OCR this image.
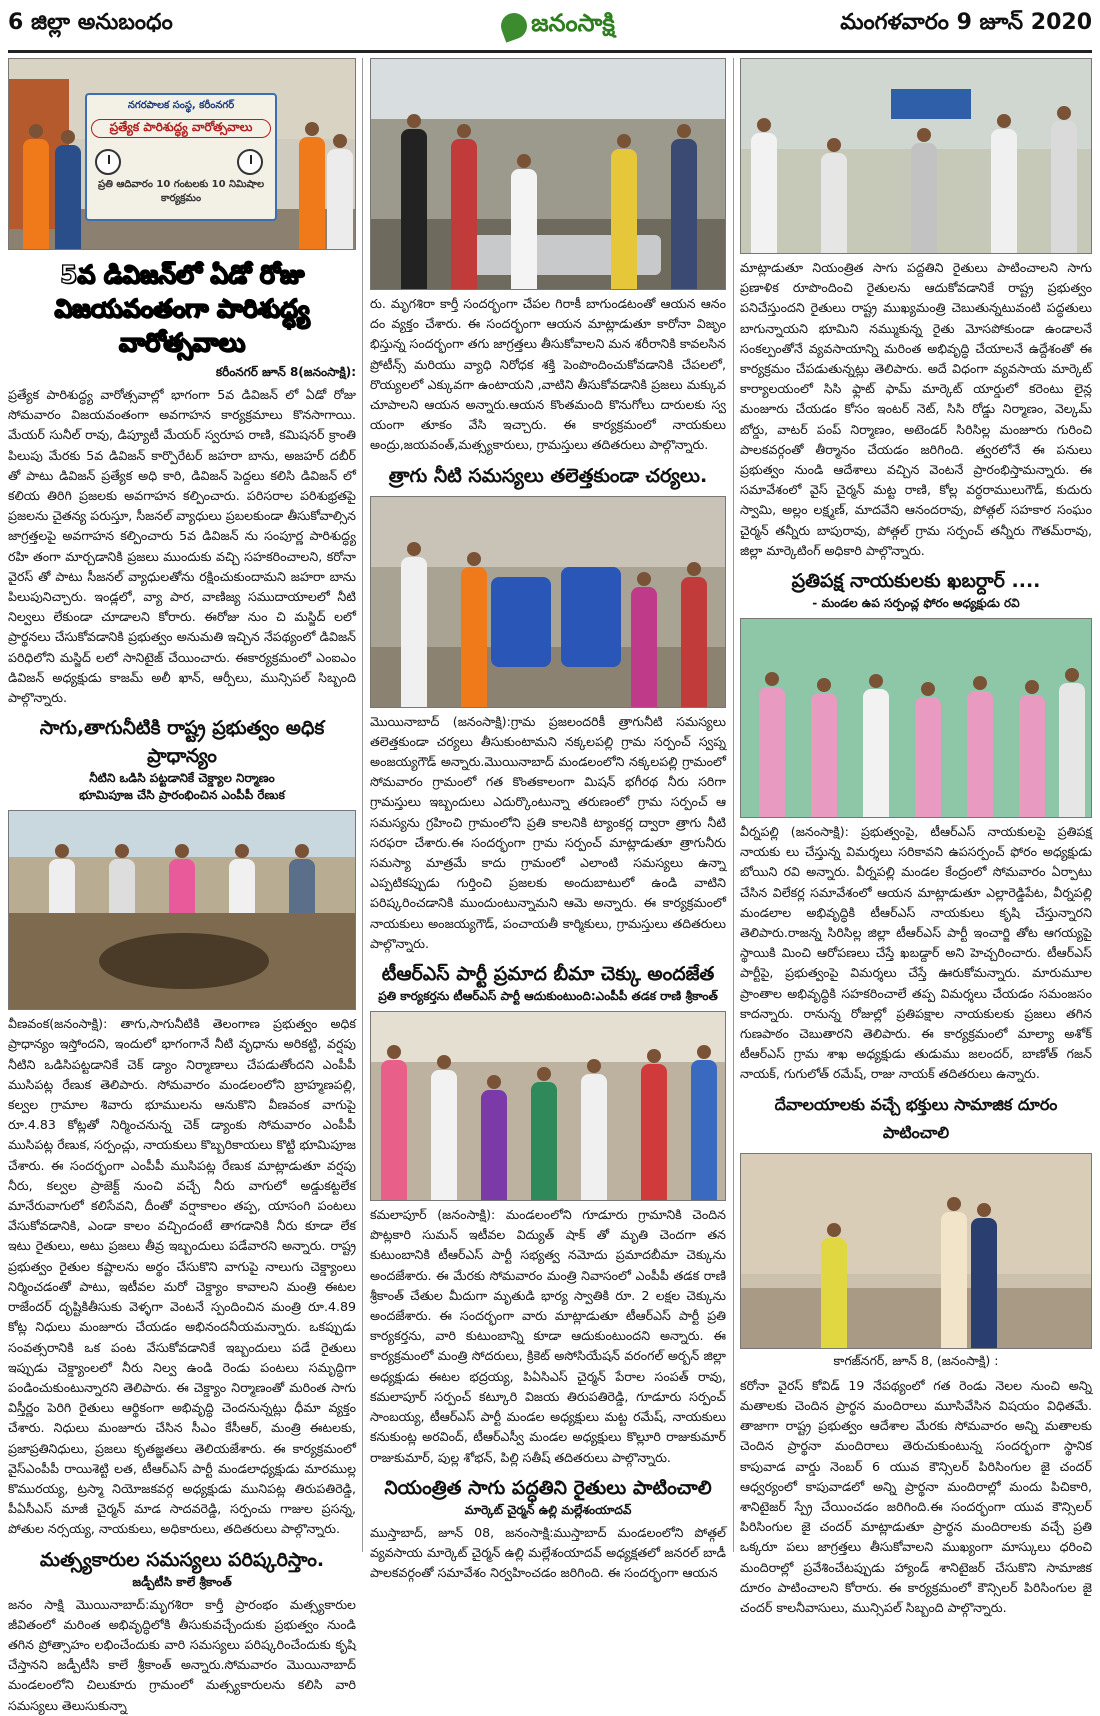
6 జిల్లా అనుబంధం	జనంసాక్షి	మంగళవారం 9 జూన్ 2020
నగరపాలక సంస్థ, కరీంనగర్
ప్రత్యేక పారిశుద్ధ్య వారోత్సవాలు
ప్రతి ఆదివారం 10 గంటలకు 10 నిమిషాల కార్యక్రమం
5వ డివిజన్‌లో ఏడో రోజు
విజయవంతంగా పారిశుద్ధ్య వారోత్సవాలు
కరీంనగర్ జూన్ 8(జనంసాక్షి):
ప్రత్యేక పారిశుద్ధ్య వారోత్సవాల్లో భాగంగా 5వ డివిజన్ లో ఏడో రోజు సోమవారం విజయవంతంగా అవగాహన కార్యక్రమాలు కొనసాగాయి. మేయర్ సునీల్ రావు, డిప్యూటీ మేయర్ స్వరూప రాణి, కమిషనర్ క్రాంతి పిలుపు మేరకు 5వ డివిజన్ కార్పొరేటర్ జహరా బాను, అజహర్ దబీర్ తో పాటు డివిజన్ ప్రత్యేక అధి కారి, డివిజన్ పెద్దలు కలిసి డివిజన్ లో కలియ తిరిగి ప్రజలకు అవగాహన కల్పించారు. పరిసరాల పరిశుభ్రతపై ప్రజలను చైతన్య పరుస్తూ, సీజనల్ వ్యాధులు ప్రబలకుండా తీసుకోవాల్సిన జాగ్రత్తలపై అవగాహన కల్పించారు 5వ డివిజన్ ను సంపూర్ణ పారిశుద్ధ్య రహి తంగా మార్చడానికి ప్రజలు ముందుకు వచ్చి సహకరించాలని, కరోనా వైరస్ తో పాటు సీజనల్ వ్యాధులతోను రక్షించుకుందామని జహరా బాను పిలుపునిచ్చారు. ఇండ్లలో, వ్యా పార, వాణిజ్య సముదాయాలలో నీటి నిల్వలు లేకుండా చూడాలని కోరారు. ఈరోజు నుం చి మస్జిద్ లలో ప్రార్థనలు చేసుకోవడానికి ప్రభుత్వం అనుమతి ఇచ్చిన నేపథ్యంలో డివిజన్ పరిధిలోని మస్జిద్ లలో సానిటైజ్ చేయించారు. ఈకార్యక్రమంలో ఎంఐఎం డివిజన్ అధ్యక్షుడు కాజమ్ అలీ ఖాన్, ఆర్పీలు, మున్సిపల్ సిబ్బంది పాల్గొన్నారు.
సాగు,తాగునీటికి రాష్ట్ర ప్రభుత్వం అధిక ప్రాధాన్యం
నీటిని ఒడిసి పట్టడానికే చెక్డ్యాల నిర్మాణం
భూమిపూజ చేసి ప్రారంభించిన ఎంపీపీ రేణుక
వీణవంక(జనంసాక్షి): తాగు,సాగునీటికి తెలంగాణ ప్రభుత్వం అధిక ప్రాధాన్యం ఇస్తోందని, ఇందులో భాగంగానే నీటి వృధాను అరికట్టి, వర్షపు నీటిని ఒడిసిపట్టడానికే చెక్ డ్యాం నిర్మాణాలు చేపడుతోందని ఎంపీపీ ముసిపట్ల రేణుక తెలిపారు. సోమవారం మండలంలోని బ్రాహ్మణపల్లి, కల్వల గ్రామాల శివారు భూములను ఆనుకొని వీణవంక వాగుపై రూ.4.83 కోట్లతో నిర్మించనున్న చెక్ డ్యాంకు సోమవారం ఎంపీపీ ముసిపట్ల రేణుక, సర్పంచ్లు, నాయకులు కొబ్బరికాయలు కొట్టి భూమిపూజ చేశారు. ఈ సందర్భంగా ఎంపీపీ ముసిపట్ల రేణుక మాట్లాడుతూ వర్షపు నీరు, కల్వల ప్రాజెక్ట్ నుంచి వచ్చే నీరు వాగులో అడ్డుకట్టలేక మానేరువాగులో కలిసేవని, దీంతో వర్షాకాలం తప్ప, యాసంగి పంటలు వేసుకోవడానికి, ఎండా కాలం వచ్చిందంటే తాగడానికి నీరు కూడా లేక ఇటు రైతులు, అటు ప్రజలు తీవ్ర ఇబ్బందులు పడేవారని అన్నారు. రాష్ట్ర ప్రభుత్వం రైతుల కష్టాలను అర్థం చేసుకొని వాగుపై నాలుగు చెక్డ్యాంలు నిర్మించడంతో పాటు, ఇటీవల మరో చెక్డ్యాం కావాలని మంత్రి ఈటల రాజేందర్ దృష్టికితీసుకు వెళ్ళగా వెంటనే స్పందించిన మంత్రి రూ.4.89 కోట్ల నిధులు మంజూరు చేయడం అభినందనీయమన్నారు. ఒకప్పుడు సంవత్సరానికి ఒక పంట వేసుకోవడానికే ఇబ్బందులు పడే రైతులు ఇప్పుడు చెక్డ్యాంలలో నీరు నిల్వ ఉండి రెండు పంటలు సమృద్ధిగా పండించుకుంటున్నారని తెలిపారు. ఈ చెక్డ్యాం నిర్మాణంతో మరింత సాగు విస్తీర్ణం పెరిగి రైతులు ఆర్థికంగా అభివృద్ధి చెందనున్నట్లు ధీమా వ్యక్తం చేశారు. నిధులు మంజూరు చేసిన సీఎం కేసీఆర్, మంత్రి ఈటలకు, ప్రజాప్రతినిధులు, ప్రజలు కృతజ్ఞతలు తెలియజేశారు. ఈ కార్యక్రమంలో వైస్ఎంపీపీ రాయిశెట్టి లత, టీఆర్ఎస్ పార్టీ మండలాధ్యక్షుడు మారముల్ల కొమురయ్య, ట్రస్మా నియోజకవర్గ అధ్యక్షుడు మునిపట్ల తిరుపతిరెడ్డి, పీఏసీఎస్ మాజీ చైర్మన్ మాడ సాదవరెడ్డి, సర్పంచు గాజుల ప్రసన్న, పోతుల నర్సయ్య, నాయకులు, అధికారులు, తదితరులు పాల్గొన్నారు.
మత్స్యకారుల సమస్యలు పరిష్కరిస్తాం.
జడ్పీటీసి కాలే శ్రీకాంత్
జనం సాక్షి మొయినాబాద్:మృగశిరా కార్తీ ప్రారంభం మత్స్యకారుల జీవితంలో మరింత అభివృద్ధిలోకి తీసుకువచ్చేందుకు ప్రభుత్వం నుండి తగిన ప్రోత్సాహం లభించేందుకు వారి సమస్యలు పరిష్కరించేందుకు కృషి చేస్తానని జడ్పీటీసి కాలే శ్రీకాంత్ అన్నారు.సోమవారం మొయినాబాద్ మండలంలోని చిలుకూరు గ్రామంలో మత్స్యకారులను కలిసి వారి సమస్యలు తెలుసుకున్నా
రు. మృగశిరా కార్తీ సందర్భంగా చేపల గిరాకీ బాగుండటంతో ఆయన ఆనం దం వ్యక్తం చేశారు. ఈ సందర్భంగా ఆయన మాట్లాడుతూ కారోనా విజృం భిస్తున్న సందర్భంగా తగు జాగ్రత్తలు తీసుకోవాలని మన శరీరానికి కావలసిన ప్రోటీన్స్ మరియు వ్యాధి నిరోధక శక్తి పెంపొందించుకోవడానికి చేపలలో, రొయ్యలలో ఎక్కువగా ఉంటాయని ,వాటిని తీసుకోవడానికి ప్రజలు మక్కువ చూపాలని ఆయన అన్నారు.ఆయన కొంతమంది కొనుగోలు దారులకు స్వ యంగా తూకం వేసి ఇచ్చారు. ఈ కార్యక్రమంలో నాయకులు అంద్రు,జయవంత్,మత్స్యకారులు, గ్రామస్తులు తదితరులు పాల్గొన్నారు.
త్రాగు నీటి సమస్యలు తలెత్తకుండా చర్యలు.
మొయినాబాద్ (జనంసాక్షి):గ్రామ ప్రజలందరికీ త్రాగునీటి సమస్యలు తలెత్తకుండా చర్యలు తీసుకుంటామని నక్కలపల్లి గ్రామ సర్పంచ్ స్వప్న అంజయ్యగౌడ్ అన్నారు.మొయినాబాద్ మండలంలోని నక్కలపల్లి గ్రామంలో సోమవారం గ్రామంలో గత కొంతకాలంగా మిషన్ భగీరథ నీరు సరిగా గ్రామస్తులు ఇబ్బందులు ఎదుర్కొంటున్నా తరుణంలో గ్రామ సర్పంచ్ ఆ సమస్యను గ్రహించి గ్రామంలోని ప్రతి కాలనికి ట్యాంకర్ల ద్వారా త్రాగు నీటి సరఫరా చేశారు.ఈ సందర్భంగా గ్రామ సర్పంచ్ మాట్లాడుతూ త్రాగునీరు సమస్యా మాత్రమే కాదు గ్రామంలో ఎలాంటి సమస్యలు ఉన్నా ఎప్పటికప్పుడు గుర్తించి ప్రజలకు అందుబాటులో ఉండి వాటిని పరిష్కరించడానికి ముందుంటున్నామని ఆమె అన్నారు. ఈ కార్యక్రమంలో నాయకులు అంజయ్యగౌడ్, పంచాయతీ కార్మికులు, గ్రామస్తులు తదితరులు పాల్గొన్నారు.
టీఆర్ఎస్ పార్టీ ప్రమాద బీమా చెక్కు అందజేత
ప్రతి కార్యకర్తను టీఆర్ఎస్ పార్టీ ఆదుకుంటుంది:ఎంపీపీ తడక రాణి శ్రీకాంత్
కమలాపూర్ (జనంసాక్షి): మండలంలోని గూడూరు గ్రామానికి చెందిన పొట్లకారి సుమన్ ఇటీవల విద్యుత్ షాక్ తో మృతి చెందగా తన కుటుంబానికి టీఆర్ఎస్ పార్టీ సభ్యత్వ నమోదు ప్రమాదబీమా చెక్కును అందజేశారు. ఈ మేరకు సోమవారం మంత్రి నివాసంలో ఎంపీపీ తడక రాణి శ్రీకాంత్ చేతుల మీదుగా మృతుడి భార్య స్వాతికి రూ. 2 లక్షల చెక్కును అందజేశారు. ఈ సందర్భంగా వారు మాట్లాడుతూ టీఆర్ఎస్ పార్టీ ప్రతి కార్యకర్తను, వారి కుటుంబాన్ని కూడా ఆదుకుంటుందని అన్నారు. ఈ కార్యక్రమంలో మంత్రి సోదరులు, క్రికెట్ అసోసియేషన్ వరంగల్ అర్బన్ జిల్లా అధ్యక్షుడు ఈటల భద్రయ్య, పిఏసిఎస్ చైర్మన్ పేరాల సంపత్ రావు, కమలాపూర్ సర్పంచ్ కట్కూరి విజయ తిరుపతిరెడ్డి, గూడూరు సర్పంచ్ సాంబయ్య, టీఆర్ఎస్ పార్టీ మండల అధ్యక్షులు మట్ట రమేష్, నాయకులు కనుకుంట్ల అరవింద్, టీఆర్ఎస్వీ మండల అధ్యక్షులు కొల్లూరి రాజుకుమార్ రాజుకుమార్, పుల్ల శోభన్, పిల్లి సతీష్ తదితరులు పాల్గొన్నారు.
నియంత్రిత సాగు పద్ధతిని రైతులు పాటించాలి
మార్కెట్ చైర్మన్ ఉల్లి మల్లేశంయాదవ్
ముస్తాబాద్, జూన్ 08, జనంసాక్షి:ముస్తాబాద్ మండలంలోని పోత్గల్ వ్యవసాయ మార్కెట్ చైర్మన్ ఉల్లి మల్లేశంయాదవ్ అధ్యక్షతలో జనరల్ బాడీ పాలకవర్గంతో సమావేశం నిర్వహించడం జరిగింది. ఈ సందర్భంగా ఆయన
మాట్లాడుతూ నియంత్రిత సాగు పద్దతిని రైతులు పాటించాలని సాగు ప్రణాళిక రూపొందించి రైతులను ఆదుకోవడానికే రాష్ట్ర ప్రభుత్వం పనిచేస్తుందని రైతులు రాష్ట్ర ముఖ్యమంత్రి చెబుతున్నటువంటి పద్ధతులు బాగున్నాయని భూమిని నమ్ముకున్న రైతు మోసపోకుండా ఉండాలనే సంకల్పంతోనే వ్యవసాయాన్ని మరింత అభివృద్ధి చేయాలనే ఉద్దేశంతో ఈ కార్యక్రమం చేపడుతున్నట్లు తెలిపారు. అదే విధంగా వ్యవసాయ మార్కెట్ కార్యాలయంలో సిసి ఫ్లాట్ ఫామ్ మార్కెట్ యార్డులో కరెంటు లైన్ల మంజూరు చేయడం కోసం ఇంటర్ నెట్, సిసి రోడ్డు నిర్మాణం, వెల్కమ్ బోర్డు, వాటర్ పంప్ నిర్మాణం, అటెండర్ సిరిసిల్ల మంజూరు గురించి పాలకవర్గంతో తీర్మానం చేయడం జరిగింది. త్వరలోనే ఈ పనులు ప్రభుత్వం నుండి ఆదేశాలు వచ్చిన వెంటనే ప్రారంభిస్తామన్నారు. ఈ సమావేశంలో వైస్ చైర్మన్ మట్ట రాణి, కోల్ల వర్ధరాములుగౌడ్, కుదురు స్వామి, అల్లం లక్ష్మణ్, మాదవేని ఆనందరావు, పోత్గల్ సహకార సంఘం చైర్మన్ తన్నీరు బాపురావు, పోత్గల్ గ్రామ సర్పంచ్ తన్నీరు గౌతమ్‌రావు, జిల్లా మార్కెటింగ్ అధికారి పాల్గొన్నారు.
ప్రతిపక్ష నాయకులకు ఖబర్దార్ ....
- మండల ఉప సర్పంచ్ల ఫోరం అధ్యక్షుడు రవి
వీర్నపల్లి (జనంసాక్షి): ప్రభుత్వంపై, టీఆర్ఎస్ నాయకులపై ప్రతిపక్ష నాయకు లు చేస్తున్న విమర్శలు సరికావని ఉపసర్పంచ్ ఫోరం అధ్యక్షుడు బోయిని రవి అన్నారు. వీర్నపల్లి మండల కేంద్రంలో సోమవారం ఏర్పాటు చేసిన విలేకర్ల సమావేశంలో ఆయన మాట్లాడుతూ ఎల్లారెడ్డిపేట, వీర్నపల్లి మండలాల అభివృద్ధికి టీఆర్ఎస్ నాయకులు కృషి చేస్తున్నారని తెలిపారు.రాజన్న సిరిసిల్ల జిల్లా టీఆర్ఎస్ పార్టీ ఇంచార్జి తోట ఆగయ్యపై స్థాయికి మించి ఆరోపణలు చేస్తే ఖబడ్దార్ అని హెచ్చరించారు. టీఆర్ఎస్ పార్టీపై, ప్రభుత్వంపై విమర్శలు చేస్తే ఊరుకోమన్నారు. మారుమూల ప్రాంతాల అభివృద్ధికి సహకరించాలే తప్ప విమర్శలు చేయడం సమంజసం కాదన్నారు. రానున్న రోజుల్లో ప్రతిపక్షాల నాయకులకు ప్రజలు తగిన గుణపాఠం చెబుతారని తెలిపారు. ఈ కార్యక్రమంలో మాల్యా అశోక్ టీఆర్ఎస్ గ్రామ శాఖ అధ్యక్షుడు తుడుము జలందర్, బాణోత్ గజన్ నాయక్, గుగులోత్ రమేష్, రాజు నాయక్ తదితరులు ఉన్నారు.
దేవాలయాలకు వచ్చే భక్తులు సామాజిక దూరం పాటించాలి
కాగజ్‌నగర్, జూన్ 8, (జనంసాక్షి) :
కరోనా వైరస్ కోవిడ్ 19 నేపథ్యంలో గత రెండు నెలల నుంచి అన్ని మతాలకు చెందిన ప్రార్థన మందిరాలు మూసివేసిన విషయం విధితమే. తాజాగా రాష్ట్ర ప్రభుత్వం ఆదేశాల మేరకు సోమవారం అన్ని మతాలకు చెందిన ప్రార్థనా మందిరాలు తెరుచుకుంటున్న సందర్భంగా స్థానిక కాపువాడ వార్డు నెంబర్ 6 యువ కౌన్సిలర్ పిరిసింగుల జై చందర్ ఆధ్వర్యంలో కాపువాడలో అన్ని ప్రార్థనా మందిరాల్లో మందు పిచికారి, శానిటైజర్ స్ప్రే చేయించడం జరిగింది.ఈ సందర్భంగా యువ కౌన్సిలర్ పిరిసింగుల జై చందర్ మాట్లాడుతూ ప్రార్థన మందిరాలకు వచ్చే ప్రతి ఒక్కరూ పలు జాగ్రత్తలు తీసుకోవాలని ముఖ్యంగా మాస్కులు ధరించి మందిరాల్లో ప్రవేశించేటప్పుడు హ్యాండ్ శానిటైజర్ చేసుకొని సామాజిక దూరం పాటించాలని కోరారు. ఈ కార్యక్రమంలో కౌన్సిలర్ పిరిసింగుల జై చందర్ కాలనీవాసులు, మున్సిపల్ సిబ్బంది పాల్గొన్నారు.
